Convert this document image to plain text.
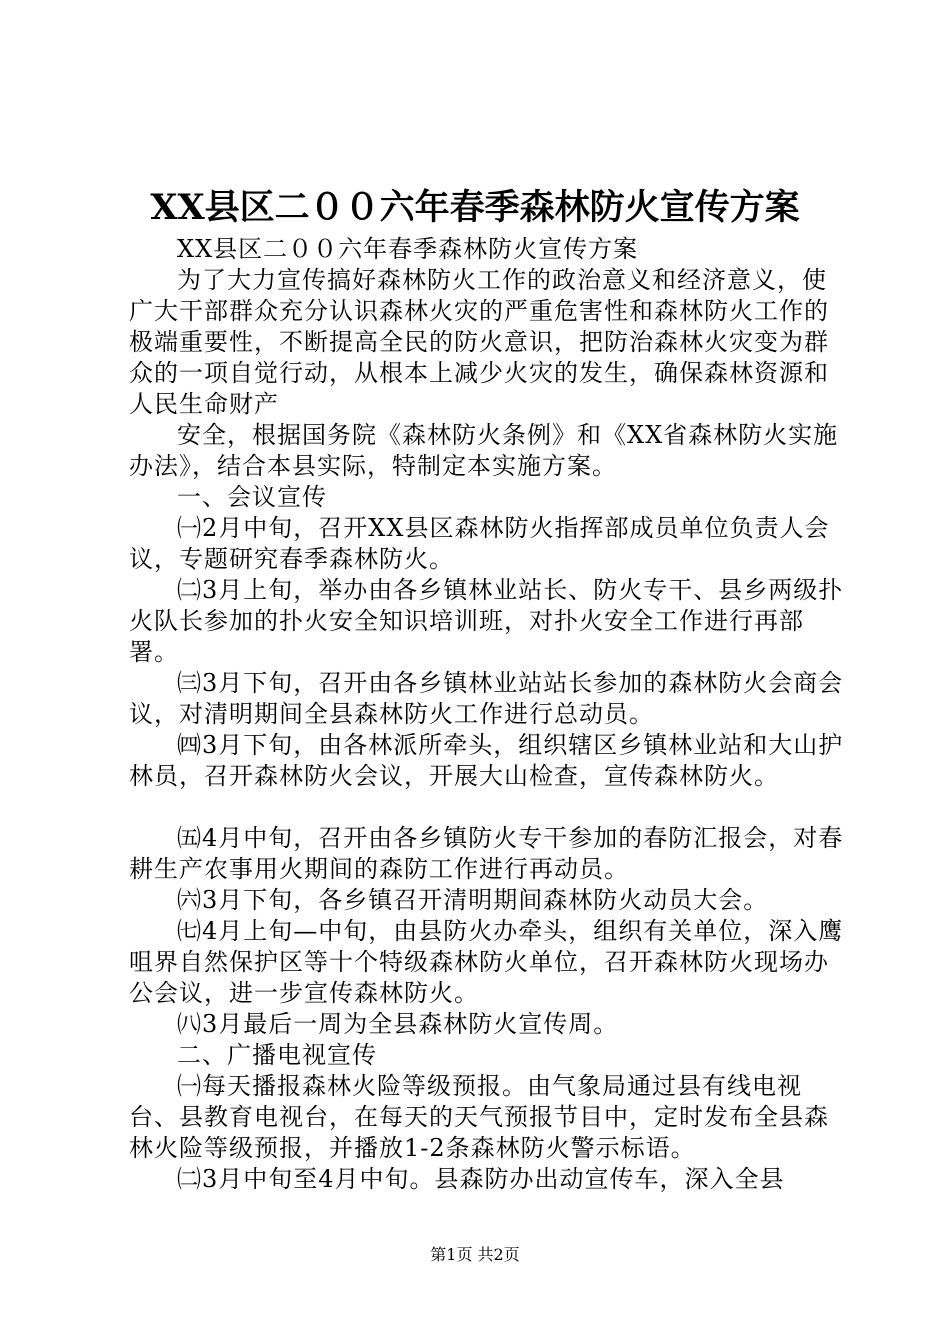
XX县区二００六年春季森林防火宣传方案

XX县区二００六年春季森林防火宣传方案

为了大力宣传搞好森林防火工作的政治意义和经济意义，使广大干部群众充分认识森林火灾的严重危害性和森林防火工作的极端重要性，不断提高全民的防火意识，把防治森林火灾变为群众的一项自觉行动，从根本上减少火灾的发生，确保森林资源和人民生命财产

安全，根据国务院《森林防火条例》和《XX省森林防火实施办法》，结合本县实际，特制定本实施方案。

一、会议宣传

㈠2月中旬，召开XX县区森林防火指挥部成员单位负责人会议，专题研究春季森林防火。

㈡3月上旬，举办由各乡镇林业站长、防火专干、县乡两级扑火队长参加的扑火安全知识培训班，对扑火安全工作进行再部署。

㈢3月下旬，召开由各乡镇林业站站长参加的森林防火会商会议，对清明期间全县森林防火工作进行总动员。

㈣3月下旬，由各林派所牵头，组织辖区乡镇林业站和大山护林员，召开森林防火会议，开展大山检查，宣传森林防火。

㈤4月中旬，召开由各乡镇防火专干参加的春防汇报会，对春耕生产农事用火期间的森防工作进行再动员。

㈥3月下旬，各乡镇召开清明期间森林防火动员大会。

㈦4月上旬—中旬，由县防火办牵头，组织有关单位，深入鹰咀界自然保护区等十个特级森林防火单位，召开森林防火现场办公会议，进一步宣传森林防火。

㈧3月最后一周为全县森林防火宣传周。

二、广播电视宣传

㈠每天播报森林火险等级预报。由气象局通过县有线电视台、县教育电视台，在每天的天气预报节目中，定时发布全县森林火险等级预报，并播放1-2条森林防火警示标语。

㈡3月中旬至4月中旬。县森防办出动宣传车，深入全县

第1页 共2页
